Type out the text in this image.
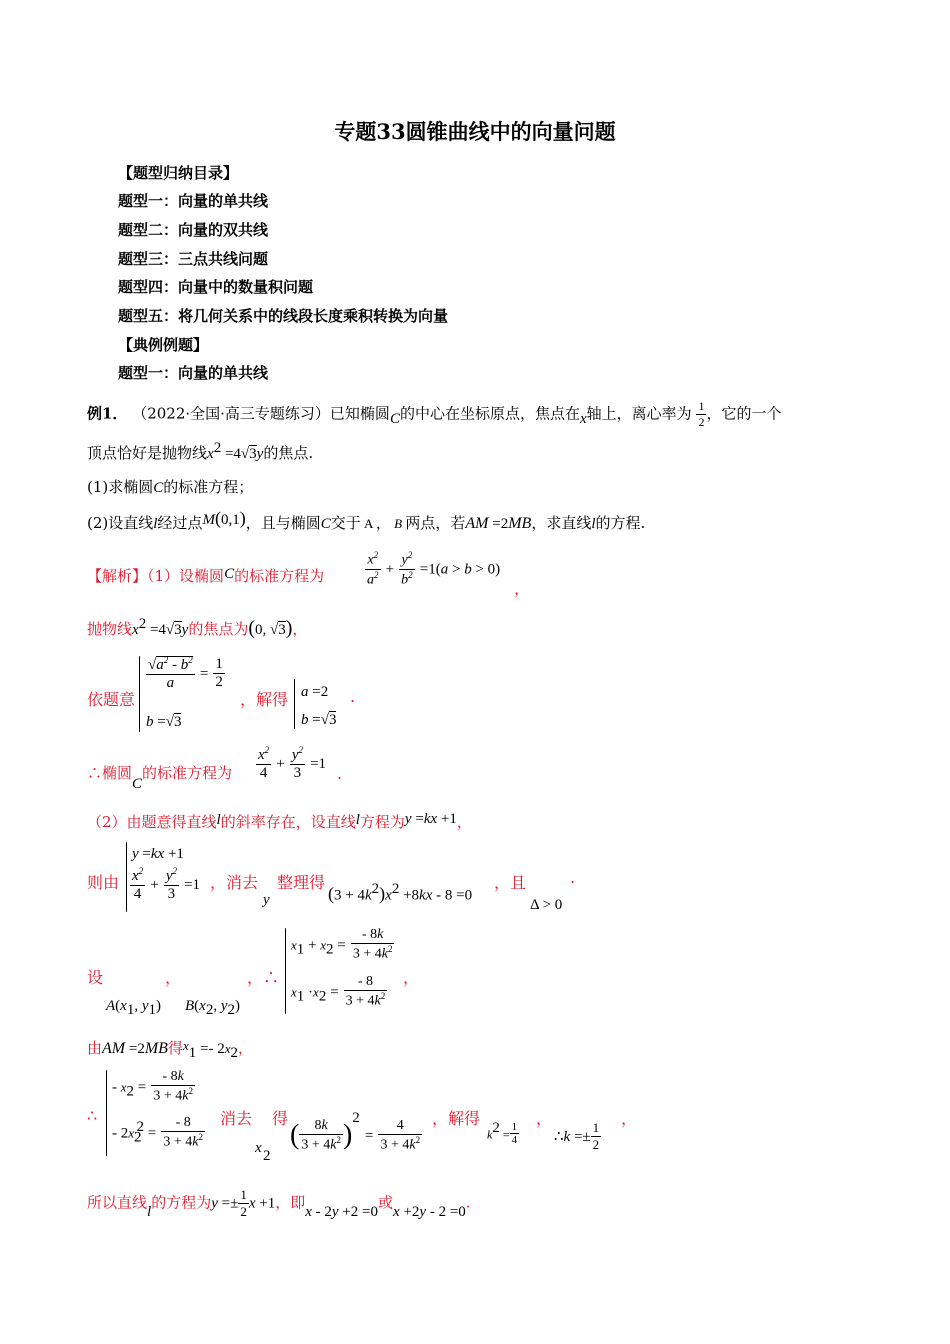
专题33圆锥曲线中的向量问题
【题型归纳目录】
题型一：向量的单共线
题型二：向量的双共线
题型三：三点共线问题
题型四：向量中的数量积问题
题型五：将几何关系中的线段长度乘积转换为向量
【典例例题】
题型一：向量的单共线
例1． （2022·全国·高三专题练习）已知椭圆C的中心在坐标原点，焦点在x轴上，离心率为 $\frac{1}{2}$ ，它的一个
顶点恰好是抛物线$x^2 =4√3y$的焦点.
(1)求椭圆C的标准方程；
(2)设直线l经过点M(0,1)，且与椭圆C交于 A ， B 两点，若AM =2MB，求直线l的方程.
【解析】（1）设椭圆C的标准方程为	$\frac{x^2}{a^2} + \frac{y^2}{b^2} =1(a > b > 0)$
，
抛物线$x^2 =4√3y$的焦点为(0, √3)，
依题意
$\frac{√a^2 - b^2}{a} = \frac{1}{2}$
b =√3
，解得 a =2
b =√3
.
∴椭圆C的标准方程为 $\frac{x^2}{4} + \frac{y^2}{3} =1$ .
（2）由题意得直线l的斜率存在，设直线l方程为y =kx +1，
则由
y =kx +1
$\frac{x^2}{4} + \frac{y^2}{3} =1$ ，消去
y
整理得
$(3 + 4k^2)x^2 +8kx - 8 =0$
，且
Δ > 0
.
设
$A(x_1$, $y_1$)
，
$B(x_2$, $y_2$)
，∴
$x_1 + x_2 = \frac{- 8k}{3 + 4k^2}$
$x_1 \cdot x_2 = \frac{- 8}{3 + 4k^2}$ ，
由AM =2MB得$x_1 =- 2x_2$，
∴
- $x_2 = \frac{- 8k}{3 + 4k^2}$
- $2x_2^2 = \frac{- 8}{3 + 4k^2}$ 消去
x 2
得
( $\frac{8k}{3 + 4k^2} )^2 = \frac{4}{3 + 4k^2}$ ，解得
$k^2 = \frac{1}{4}$
，
∴k =± $\frac{1}{2}$
，
所以直线l的方程为$y =\pm \frac{1}{2}$ x +1，即x - 2y +2 =0或x +2y - 2 =0.
